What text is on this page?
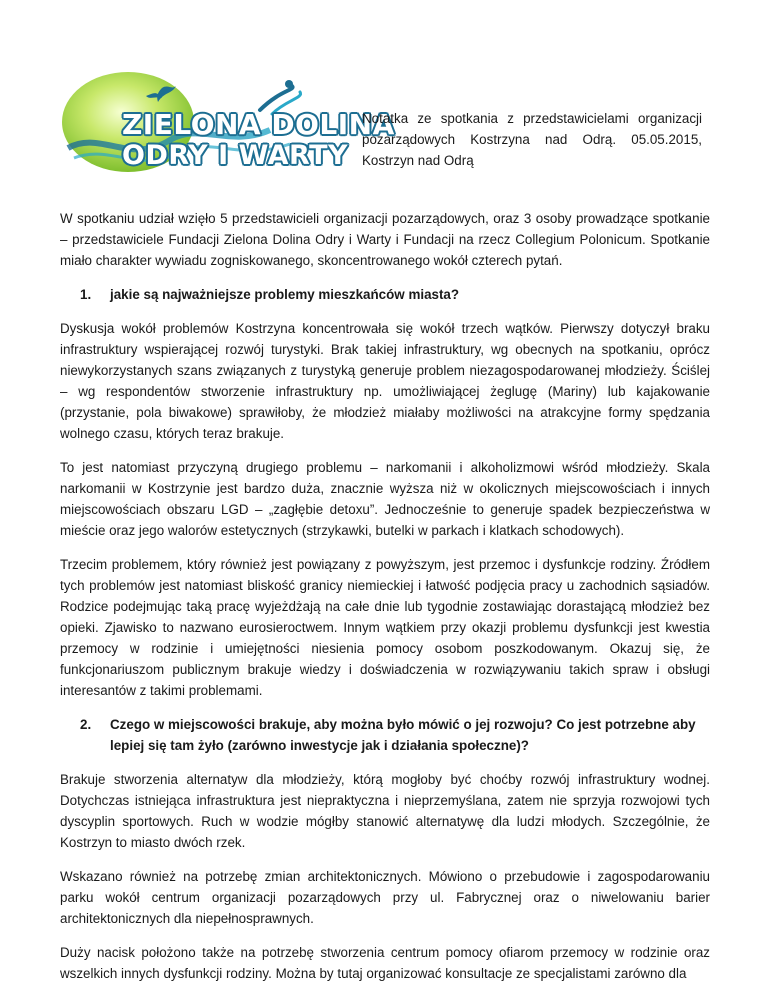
ZIELONA DOLINA
ODRY I WARTY
Notatka ze spotkania z przedstawicielami organizacji pozarządowych Kostrzyna nad Odrą. 05.05.2015, Kostrzyn nad Odrą

W spotkaniu udział wzięło 5 przedstawicieli organizacji pozarządowych, oraz 3 osoby prowadzące spotkanie – przedstawiciele Fundacji Zielona Dolina Odry i Warty i Fundacji na rzecz Collegium Polonicum. Spotkanie miało charakter wywiadu zogniskowanego, skoncentrowanego wokół czterech pytań.

1.	jakie są najważniejsze problemy mieszkańców miasta?

Dyskusja wokół problemów Kostrzyna koncentrowała się wokół trzech wątków. Pierwszy dotyczył braku infrastruktury wspierającej rozwój turystyki. Brak takiej infrastruktury, wg obecnych na spotkaniu, oprócz niewykorzystanych szans związanych z turystyką generuje problem niezagospodarowanej młodzieży. Ściślej – wg respondentów stworzenie infrastruktury np. umożliwiającej żeglugę (Mariny) lub kajakowanie (przystanie, pola biwakowe) sprawiłoby, że młodzież miałaby możliwości na atrakcyjne formy spędzania wolnego czasu, których teraz brakuje.

To jest natomiast przyczyną drugiego problemu – narkomanii i alkoholizmowi wśród młodzieży. Skala narkomanii w Kostrzynie jest bardzo duża, znacznie wyższa niż w okolicznych miejscowościach i innych miejscowościach obszaru LGD – „zagłębie detoxu”. Jednocześnie to generuje spadek bezpieczeństwa w mieście oraz jego walorów estetycznych (strzykawki, butelki w parkach i klatkach schodowych).

Trzecim problemem, który również jest powiązany z powyższym, jest przemoc i dysfunkcje rodziny. Źródłem tych problemów jest natomiast bliskość granicy niemieckiej i łatwość podjęcia pracy u zachodnich sąsiadów. Rodzice podejmując taką pracę wyjeżdżają na całe dnie lub tygodnie zostawiając dorastającą młodzież bez opieki. Zjawisko to nazwano eurosieroctwem. Innym wątkiem przy okazji problemu dysfunkcji jest kwestia przemocy w rodzinie i umiejętności niesienia pomocy osobom poszkodowanym. Okazuj się, że funkcjonariuszom publicznym brakuje wiedzy i doświadczenia w rozwiązywaniu takich spraw i obsługi interesantów z takimi problemami.

2.	Czego w miejscowości brakuje, aby można było mówić o jej rozwoju? Co jest potrzebne aby lepiej się tam żyło (zarówno inwestycje jak i działania społeczne)?

Brakuje stworzenia alternatyw dla młodzieży, którą mogłoby być choćby rozwój infrastruktury wodnej. Dotychczas istniejąca infrastruktura jest niepraktyczna i nieprzemyślana, zatem nie sprzyja rozwojowi tych dyscyplin sportowych. Ruch w wodzie mógłby stanowić alternatywę dla ludzi młodych. Szczególnie, że Kostrzyn to miasto dwóch rzek.

Wskazano również na potrzebę zmian architektonicznych. Mówiono o przebudowie i zagospodarowaniu parku wokół centrum organizacji pozarządowych przy ul. Fabrycznej oraz o niwelowaniu barier architektonicznych dla niepełnosprawnych.

Duży nacisk położono także na potrzebę stworzenia centrum pomocy ofiarom przemocy w rodzinie oraz wszelkich innych dysfunkcji rodziny. Można by tutaj organizować konsultacje ze specjalistami zarówno dla
